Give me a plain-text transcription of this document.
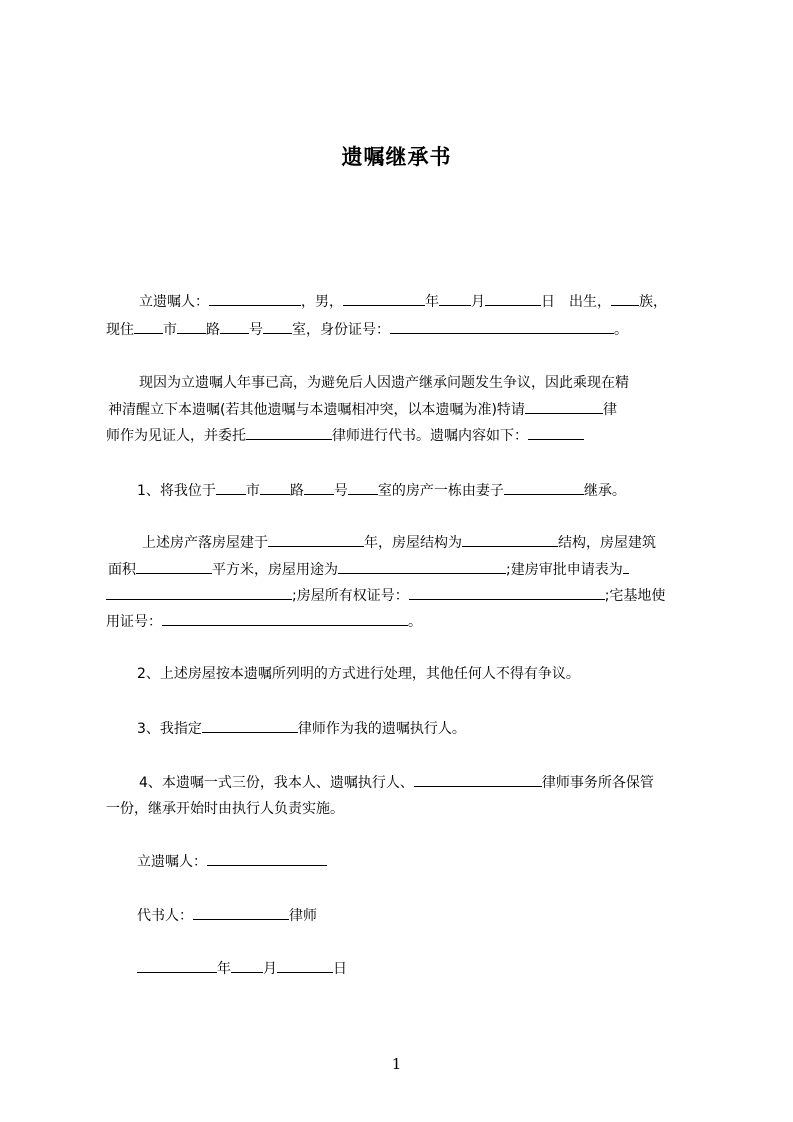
遗嘱继承书
立遗嘱人：	，男，	年 月	日　出生， 族，
现住 市 路 号 室，身份证号：	。
现因为立遗嘱人年事已高，为避免后人因遗产继承问题发生争议，因此乘现在精
神清醒立下本遗嘱(若其他遗嘱与本遗嘱相冲突，以本遗嘱为准)特请	律
师作为见证人，并委托	律师进行代书。遗嘱内容如下：
1、将我位于 市 路 号 室的房产一栋由妻子	继承。
上述房产落房屋建于	年，房屋结构为	结构，房屋建筑
面积	平方米，房屋用途为	;建房审批申请表为
;房屋所有权证号：	;宅基地使
用证号：	。
2、上述房屋按本遗嘱所列明的方式进行处理，其他任何人不得有争议。
3、我指定	律师作为我的遗嘱执行人。
4、本遗嘱一式三份，我本人、遗嘱执行人、	律师事务所各保管
一份，继承开始时由执行人负责实施。
立遗嘱人：
代书人：	律师
年 月	日
1
